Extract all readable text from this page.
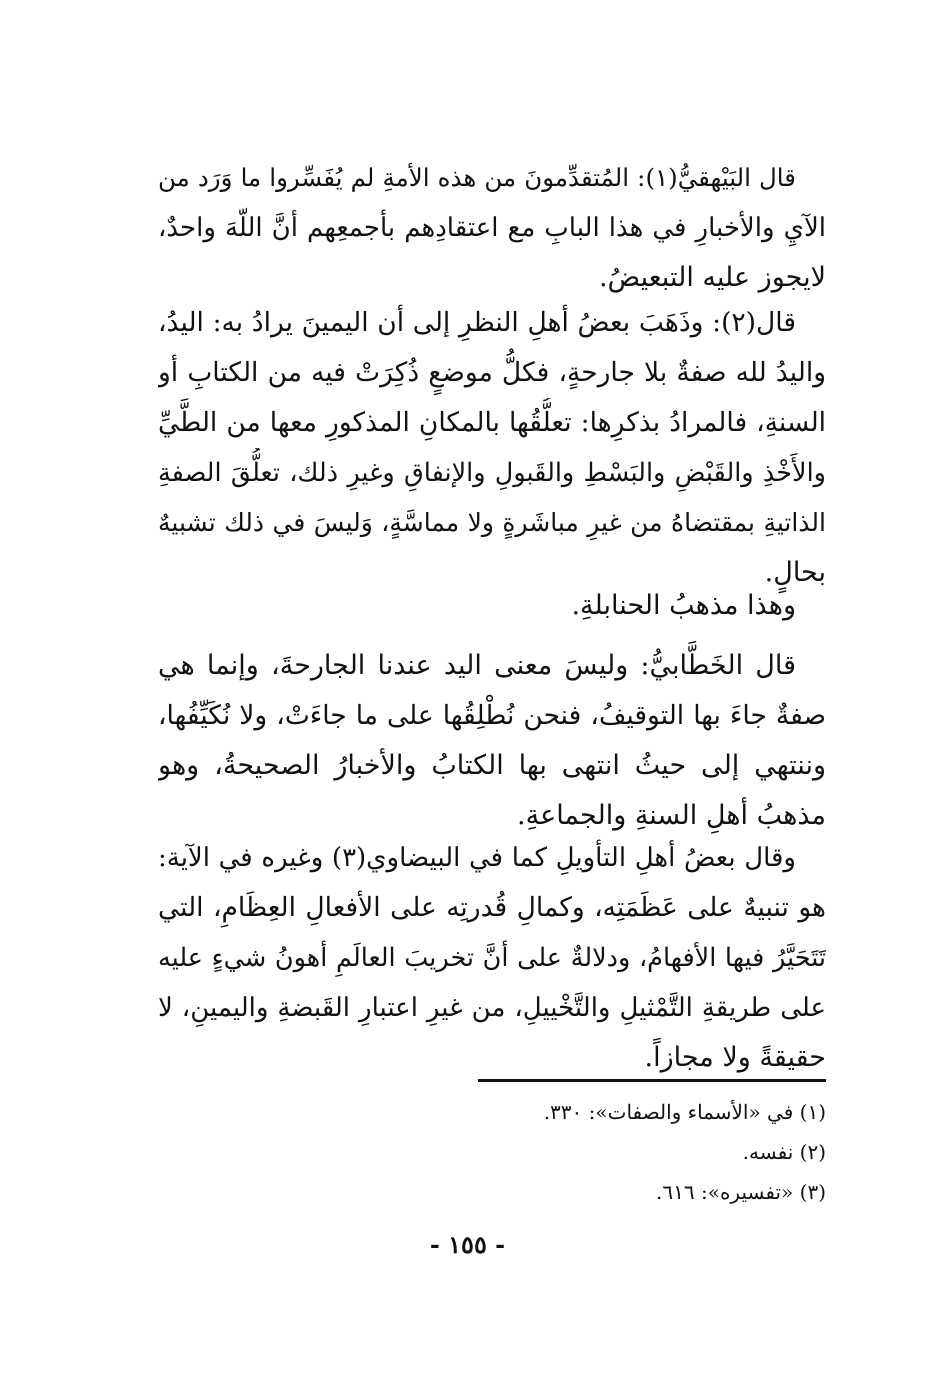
قال البَيْهقيُّ(١): المُتقدِّمونَ من هذه الأمةِ لم يُفَسِّروا ما وَرَد من
الآيِ والأخبارِ في هذا البابِ مع اعتقادِهم بأجمعِهم أنَّ اللّهَ واحدٌ،
لايجوز عليه التبعيضُ.
قال(٢): وذَهَبَ بعضُ أهلِ النظرِ إلى أن اليمينَ يرادُ به: اليدُ،
واليدُ لله صفةٌ بلا جارحةٍ، فكلُّ موضعٍ ذُكِرَتْ فيه من الكتابِ أو
السنةِ، فالمرادُ بذكرِها: تعلُّقُها بالمكانِ المذكورِ معها من الطَّيِّ
والأَخْذِ والقَبْضِ والبَسْطِ والقَبولِ والإنفاقِ وغيرِ ذلك، تعلُّقَ الصفةِ
الذاتيةِ بمقتضاهُ من غيرِ مباشَرةٍ ولا مماسَّةٍ، وَليسَ في ذلك تشبيهٌ
بحالٍ.
وهذا مذهبُ الحنابلةِ.
قال الخَطَّابيُّ: وليسَ معنى اليد عندنا الجارحةَ، وإنما هي
صفةٌ جاءَ بها التوقيفُ، فنحن نُطْلِقُها على ما جاءَتْ، ولا نُكَيِّفُها،
وننتهي إلى حيثُ انتهى بها الكتابُ والأخبارُ الصحيحةُ، وهو
مذهبُ أهلِ السنةِ والجماعةِ.
وقال بعضُ أهلِ التأويلِ كما في البيضاوي(٣) وغيره في الآية:
هو تنبيهٌ على عَظَمَتِه، وكمالِ قُدرتِه على الأفعالِ العِظَامِ، التي
تَتَحَيَّرُ فيها الأفهامُ، ودلالةٌ على أنَّ تخريبَ العالَمِ أهونُ شيءٍ عليه
على طريقةِ التَّمْثيلِ والتَّخْييلِ، من غيرِ اعتبارِ القَبضةِ واليمينِ، لا
حقيقةً ولا مجازاً.
(١) في «الأسماء والصفات»: ٣٣٠.
(٢) نفسه.
(٣) «تفسيره»: ٦١٦.
- ١٥٥ -
